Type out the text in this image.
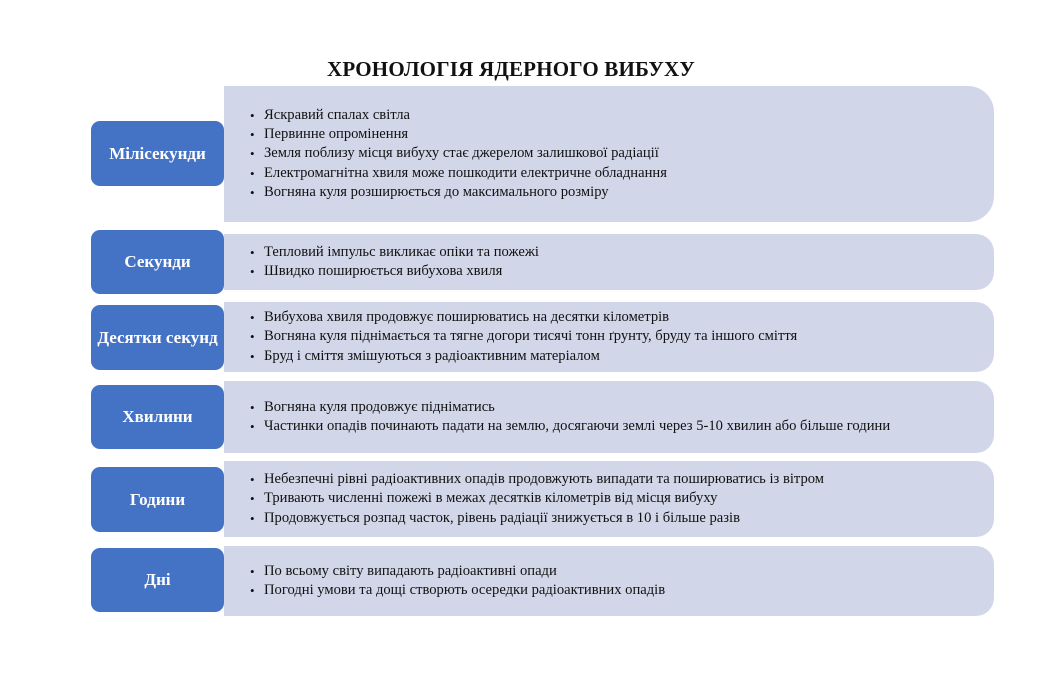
ХРОНОЛОГІЯ ЯДЕРНОГО ВИБУХУ
• Яскравий спалах світла
• Первинне опромінення
• Земля поблизу місця вибуху стає джерелом залишкової радіації
• Електромагнітна хвиля може пошкодити електричне обладнання
• Вогняна куля розширюється до максимального розміру
Мілісекунди
• Тепловий імпульс викликає опіки та пожежі
• Швидко поширюється вибухова хвиля
Секунди
• Вибухова хвиля продовжує поширюватись на десятки кілометрів
• Вогняна куля піднімається та тягне догори тисячі тонн ґрунту, бруду та іншого сміття
• Бруд і сміття змішуються з радіоактивним матеріалом
Десятки секунд
• Вогняна куля продовжує підніматись
• Частинки опадів починають падати на землю, досягаючи землі через 5-10 хвилин або більше години
Хвилини
• Небезпечні рівні радіоактивних опадів продовжують випадати та поширюватись із вітром
• Тривають численні пожежі в межах десятків кілометрів від місця вибуху
• Продовжується розпад часток, рівень радіації знижується в 10 і більше разів
Години
• По всьому світу випадають радіоактивні опади
• Погодні умови та дощі створють осередки радіоактивних опадів
Дні
